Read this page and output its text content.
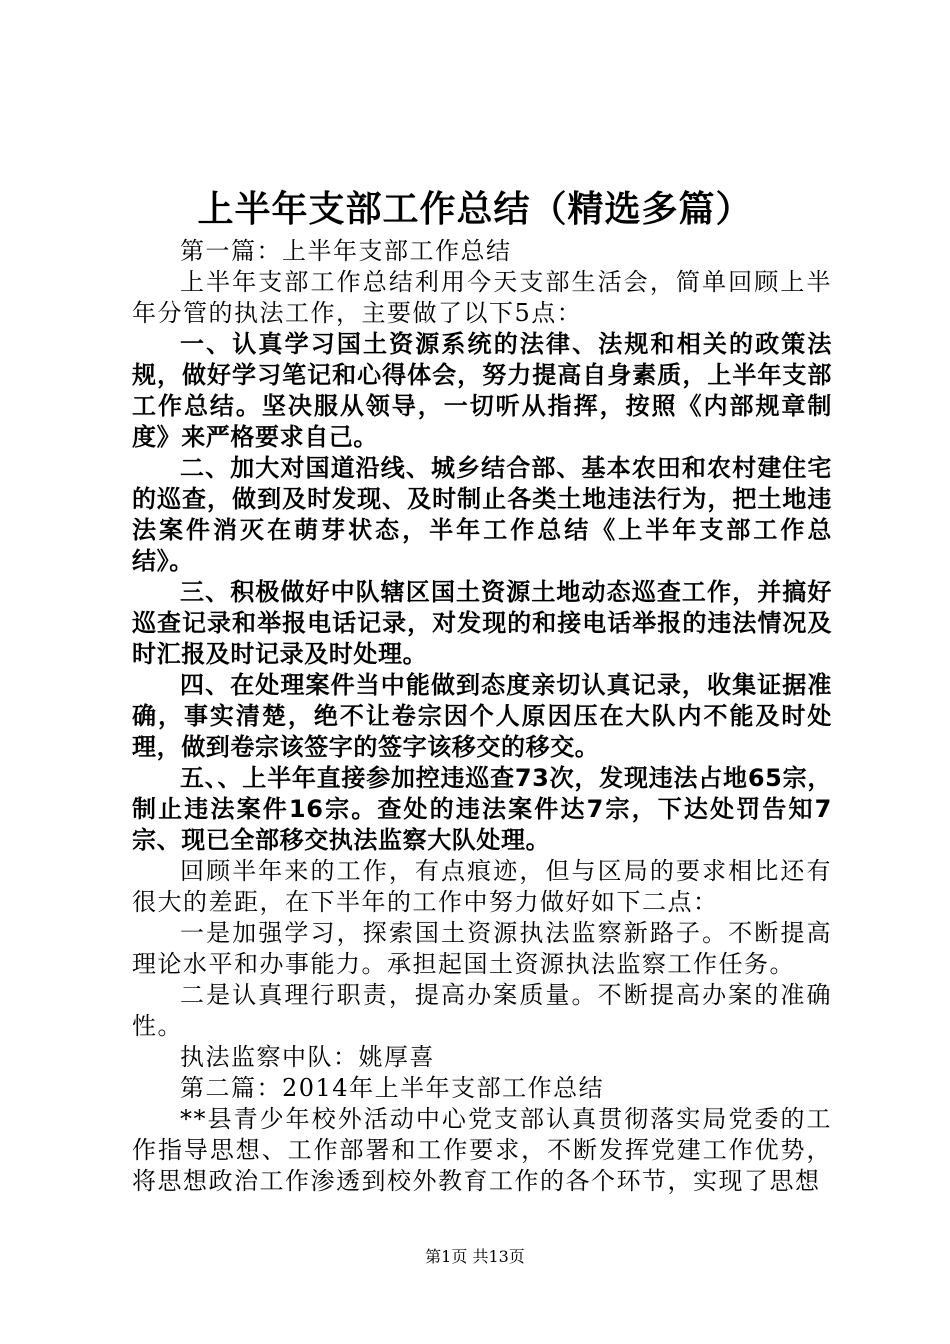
上半年支部工作总结（精选多篇）

第一篇：上半年支部工作总结

上半年支部工作总结利用今天支部生活会，简单回顾上半年分管的执法工作，主要做了以下5点：

一、认真学习国土资源系统的法律、法规和相关的政策法规，做好学习笔记和心得体会，努力提高自身素质，上半年支部工作总结。坚决服从领导，一切听从指挥，按照《内部规章制度》来严格要求自己。

二、加大对国道沿线、城乡结合部、基本农田和农村建住宅的巡查，做到及时发现、及时制止各类土地违法行为，把土地违法案件消灭在萌芽状态，半年工作总结《上半年支部工作总结》。

三、积极做好中队辖区国土资源土地动态巡查工作，并搞好巡查记录和举报电话记录，对发现的和接电话举报的违法情况及时汇报及时记录及时处理。

四、在处理案件当中能做到态度亲切认真记录，收集证据准确，事实清楚，绝不让卷宗因个人原因压在大队内不能及时处理，做到卷宗该签字的签字该移交的移交。

五、、上半年直接参加控违巡查73次，发现违法占地65宗，制止违法案件16宗。查处的违法案件达7宗，下达处罚告知7宗、现已全部移交执法监察大队处理。

回顾半年来的工作，有点痕迹，但与区局的要求相比还有很大的差距，在下半年的工作中努力做好如下二点：

一是加强学习，探索国土资源执法监察新路子。不断提高理论水平和办事能力。承担起国土资源执法监察工作任务。

二是认真理行职责，提高办案质量。不断提高办案的准确性。

执法监察中队：姚厚喜

第二篇：2014年上半年支部工作总结

**县青少年校外活动中心党支部认真贯彻落实局党委的工作指导思想、工作部署和工作要求，不断发挥党建工作优势，将思想政治工作渗透到校外教育工作的各个环节，实现了思想

第1页 共13页
